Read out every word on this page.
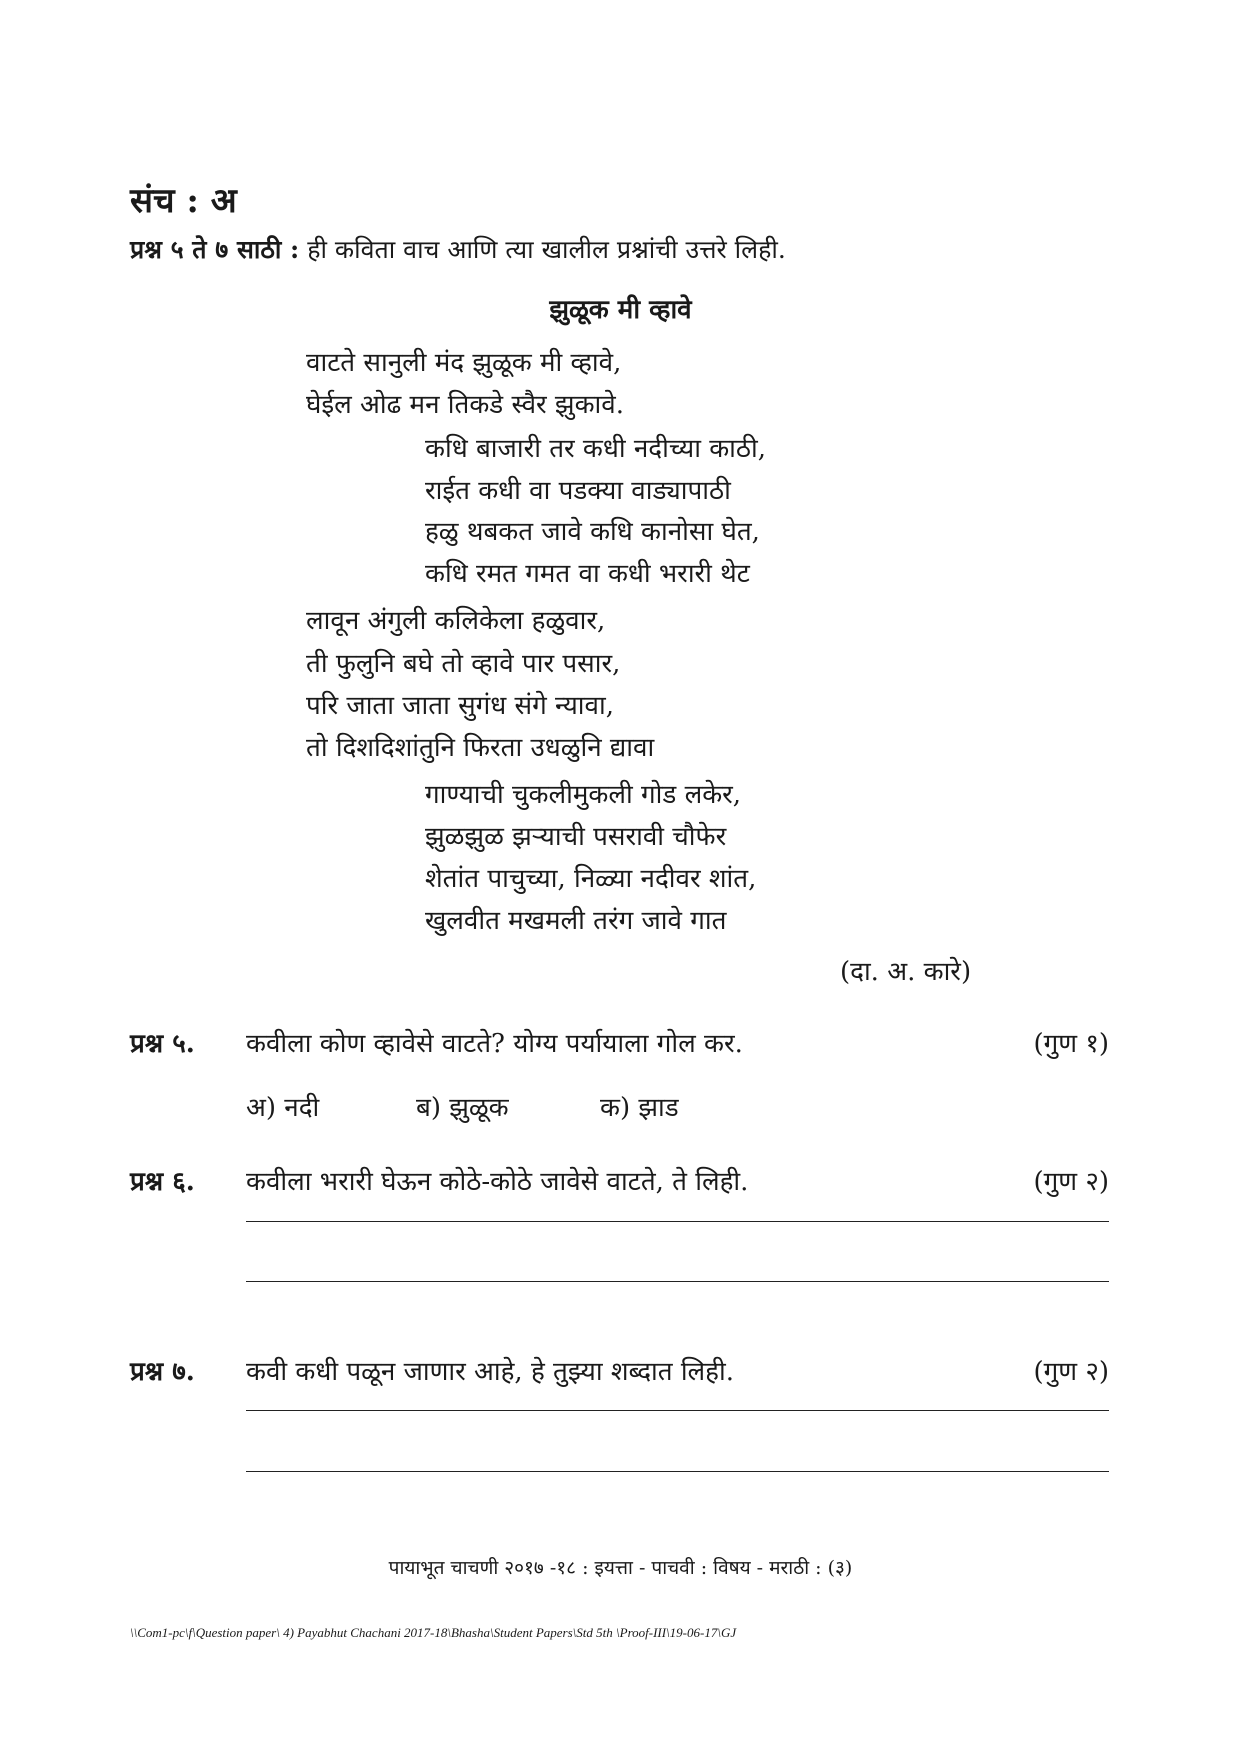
संच : अ
प्रश्न ५ ते ७ साठी : ही कविता वाच आणि त्या खालील प्रश्नांची उत्तरे लिही.
झुळूक मी व्हावे
वाटते सानुली मंद झुळूक मी व्हावे,
घेईल ओढ मन तिकडे स्वैर झुकावे.
कधि बाजारी तर कधी नदीच्या काठी,
राईत कधी वा पडक्या वाड्यापाठी
हळु थबकत जावे कधि कानोसा घेत,
कधि रमत गमत वा कधी भरारी थेट
लावून अंगुली कलिकेला हळुवार,
ती फुलुनि बघे तो व्हावे पार पसार,
परि जाता जाता सुगंध संगे न्यावा,
तो दिशदिशांतुनि फिरता उधळुनि द्यावा
गाण्याची चुकलीमुकली गोड लकेर,
झुळझुळ झऱ्याची पसरावी चौफेर
शेतांत पाचुच्या, निळ्या नदीवर शांत,
खुलवीत मखमली तरंग जावे गात
(दा. अ. कारे)
प्रश्न ५. कवीला कोण व्हावेसे वाटते? योग्य पर्यायाला गोल कर.	(गुण १)
अ) नदी	ब) झुळूक	क) झाड
प्रश्न ६. कवीला भरारी घेऊन कोठे-कोठे जावेसे वाटते, ते लिही.	(गुण २)
प्रश्न ७. कवी कधी पळून जाणार आहे, हे तुझ्या शब्दात लिही.	(गुण २)
पायाभूत चाचणी २०१७ -१८ : इयत्ता - पाचवी : विषय - मराठी : (३)
\\Com1-pc\f\Question paper\ 4) Payabhut Chachani 2017-18\Bhasha\Student Papers\Std 5th \Proof-III\19-06-17\GJ
